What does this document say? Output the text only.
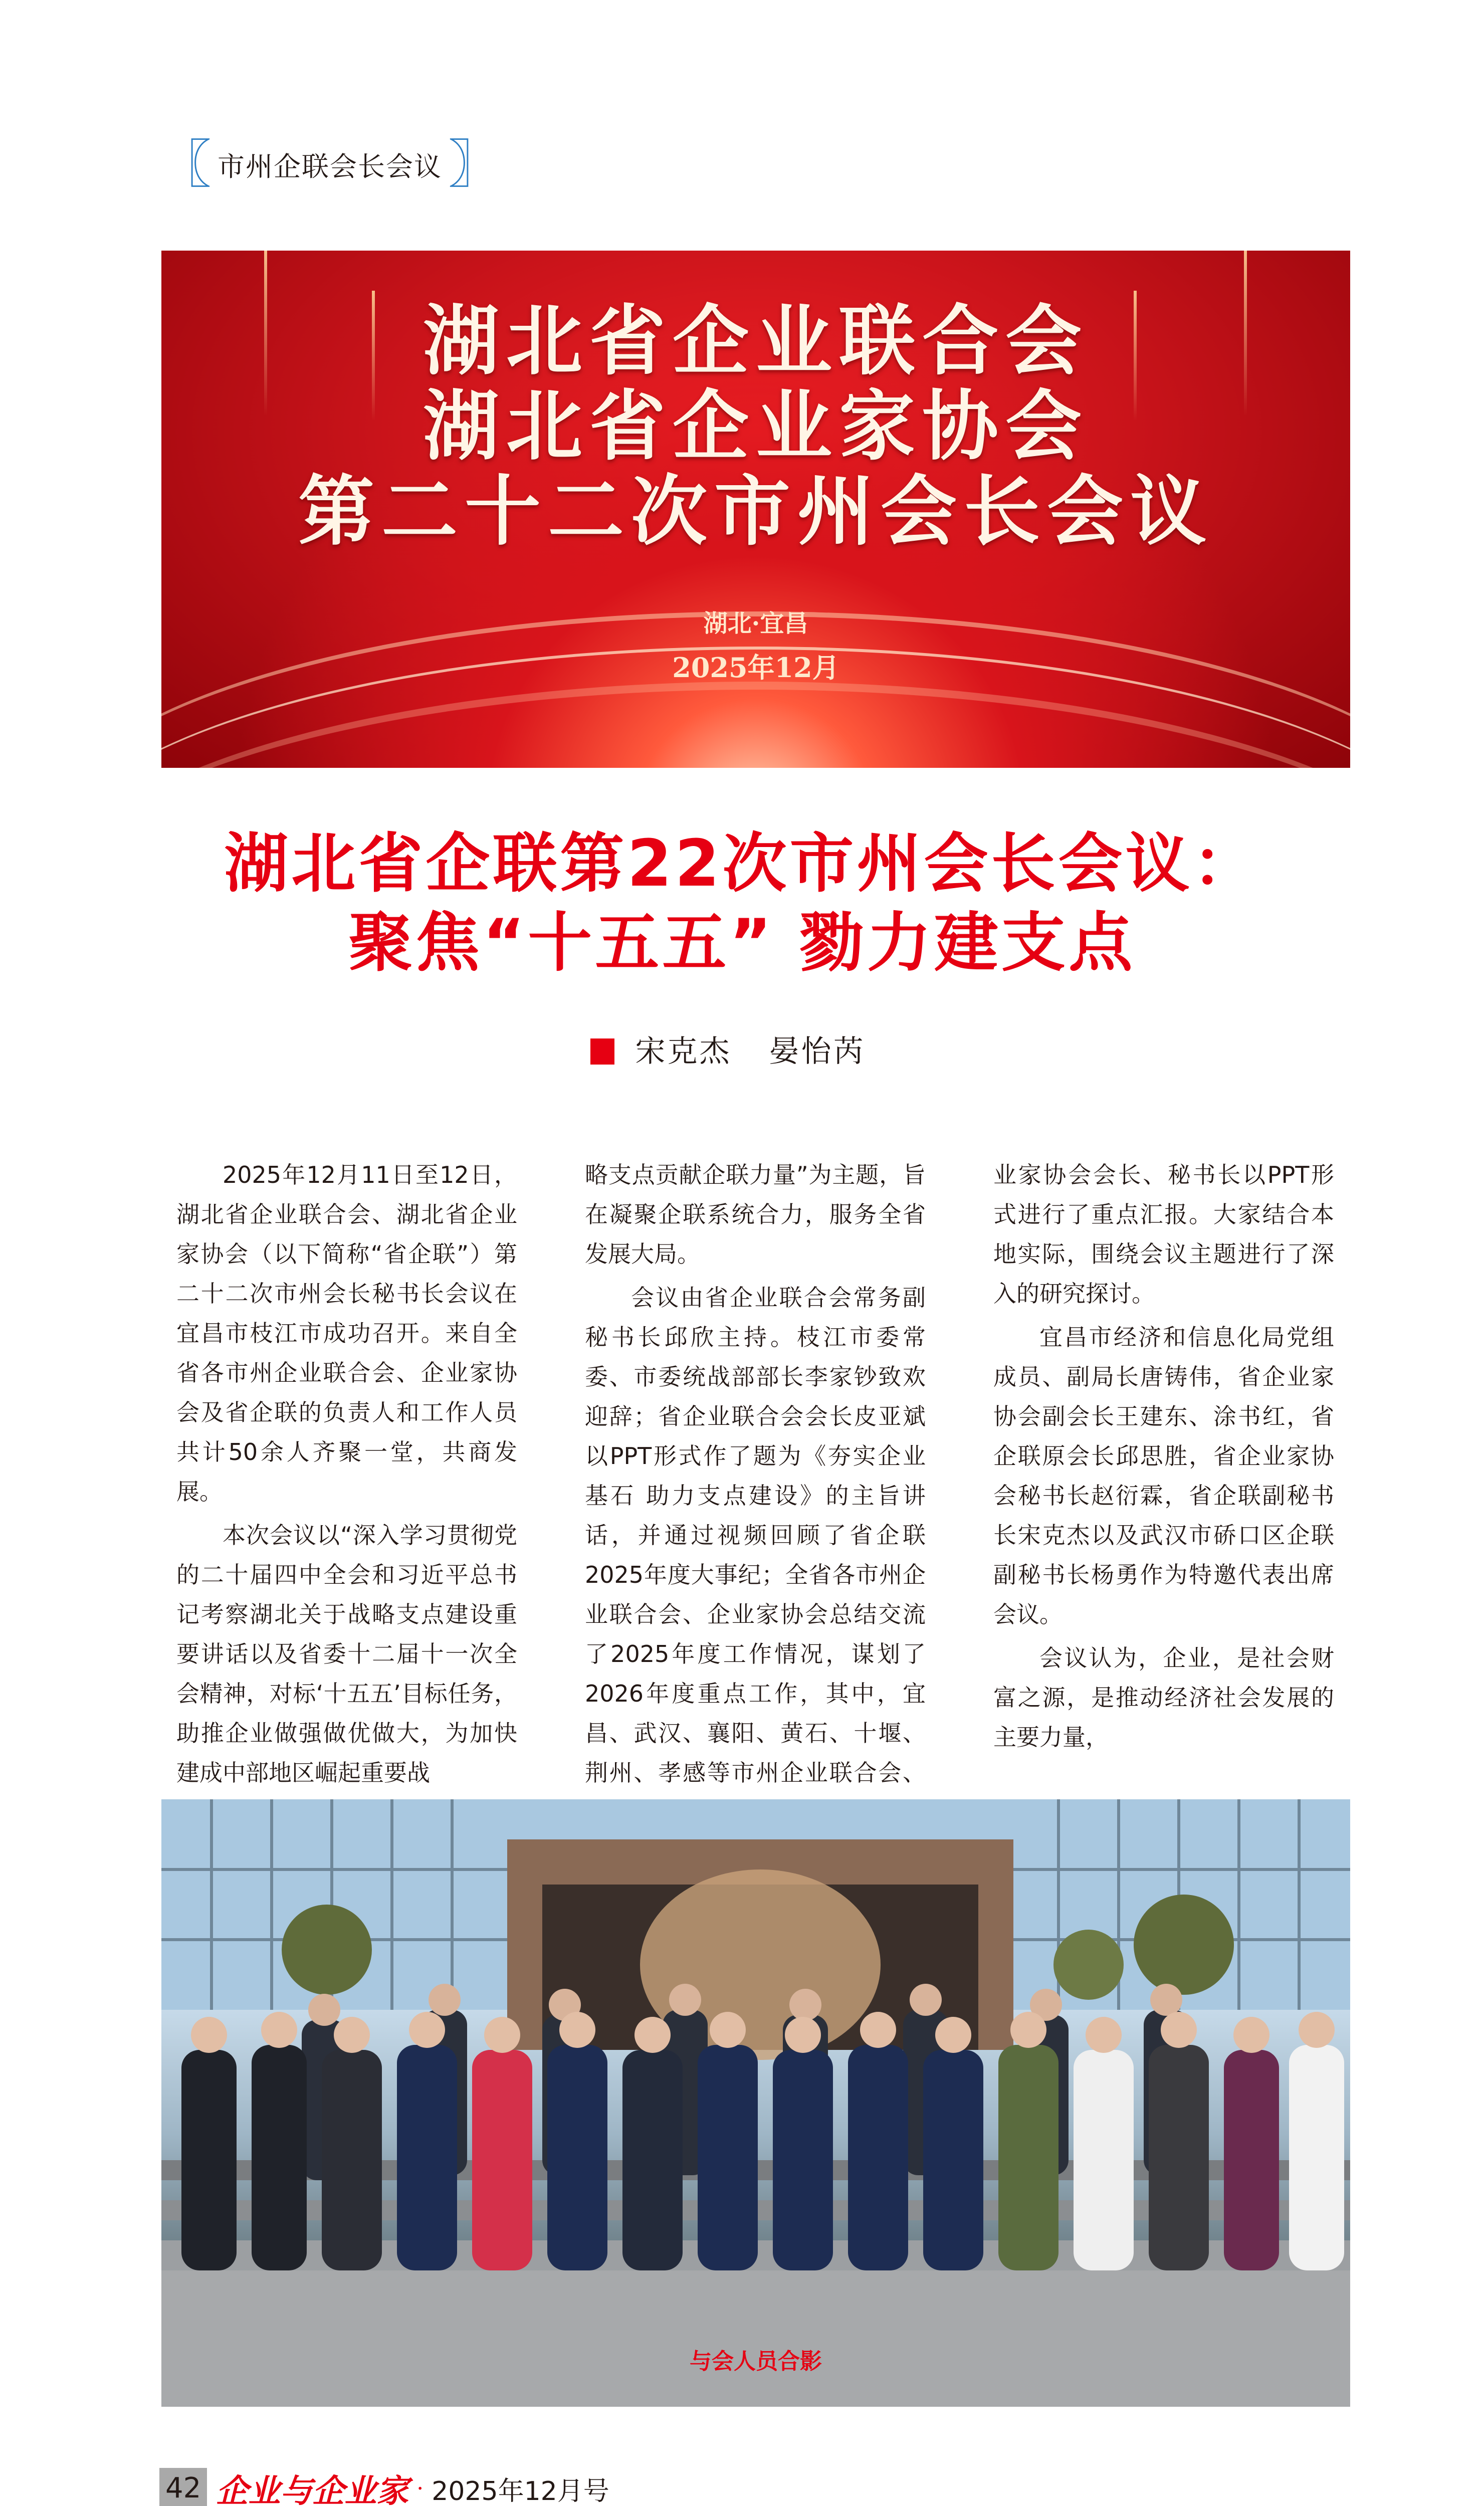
〖 市州企联会长会议 〗
湖北省企业联合会
湖北省企业家协会
第二十二次市州会长会议
湖北·宜昌
2025年12月
湖北省企联第22次市州会长会议：
聚焦“十五五” 勠力建支点
宋克杰 晏怡芮

2025年12月11日至12日，湖北省企业联合会、湖北省企业家协会（以下简称“省企联”）第二十二次市州会长秘书长会议在宜昌市枝江市成功召开。来自全省各市州企业联合会、企业家协会及省企联的负责人和工作人员共计50余人齐聚一堂，共商发展。

本次会议以“深入学习贯彻党的二十届四中全会和习近平总书记考察湖北关于战略支点建设重要讲话以及省委十二届十一次全会精神，对标‘十五五’目标任务，助推企业做强做优做大，为加快建成中部地区崛起重要战

略支点贡献企联力量”为主题，旨在凝聚企联系统合力，服务全省发展大局。

会议由省企业联合会常务副秘书长邱欣主持。枝江市委常委、市委统战部部长李家钞致欢迎辞；省企业联合会会长皮亚斌以PPT形式作了题为《夯实企业基石 助力支点建设》的主旨讲话，并通过视频回顾了省企联2025年度大事纪；全省各市州企业联合会、企业家协会总结交流了2025年度工作情况，谋划了2026年度重点工作，其中，宜昌、武汉、襄阳、黄石、十堰、荆州、孝感等市州企业联合会、

业家协会会长、秘书长以PPT形式进行了重点汇报。大家结合本地实际，围绕会议主题进行了深入的研究探讨。

宜昌市经济和信息化局党组成员、副局长唐铸伟，省企业家协会副会长王建东、涂书红，省企联原会长邱思胜，省企业家协会秘书长赵衍霖，省企联副秘书长宋克杰以及武汉市硚口区企联副秘书长杨勇作为特邀代表出席会议。

会议认为，企业，是社会财富之源，是推动经济社会发展的主要力量，

与会人员合影
42 企业与企业家 · 2025年12月号
